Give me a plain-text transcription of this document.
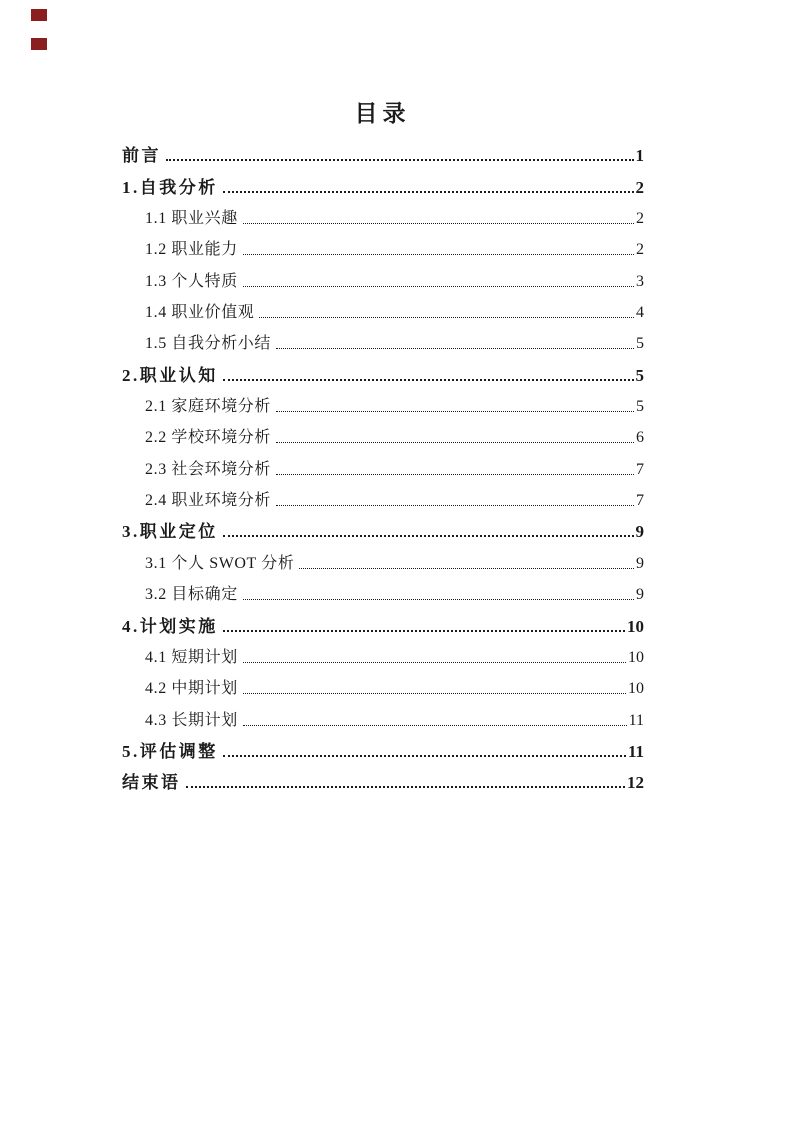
目录
前言	1
1.自我分析	2
1.1 职业兴趣	2
1.2 职业能力	2
1.3 个人特质	3
1.4 职业价值观	4
1.5 自我分析小结	5
2.职业认知	5
2.1 家庭环境分析	5
2.2 学校环境分析	6
2.3 社会环境分析	7
2.4 职业环境分析	7
3.职业定位	9
3.1 个人 SWOT 分析	9
3.2 目标确定	9
4.计划实施	10
4.1 短期计划	10
4.2 中期计划	10
4.3 长期计划	11
5.评估调整	11
结束语	12
